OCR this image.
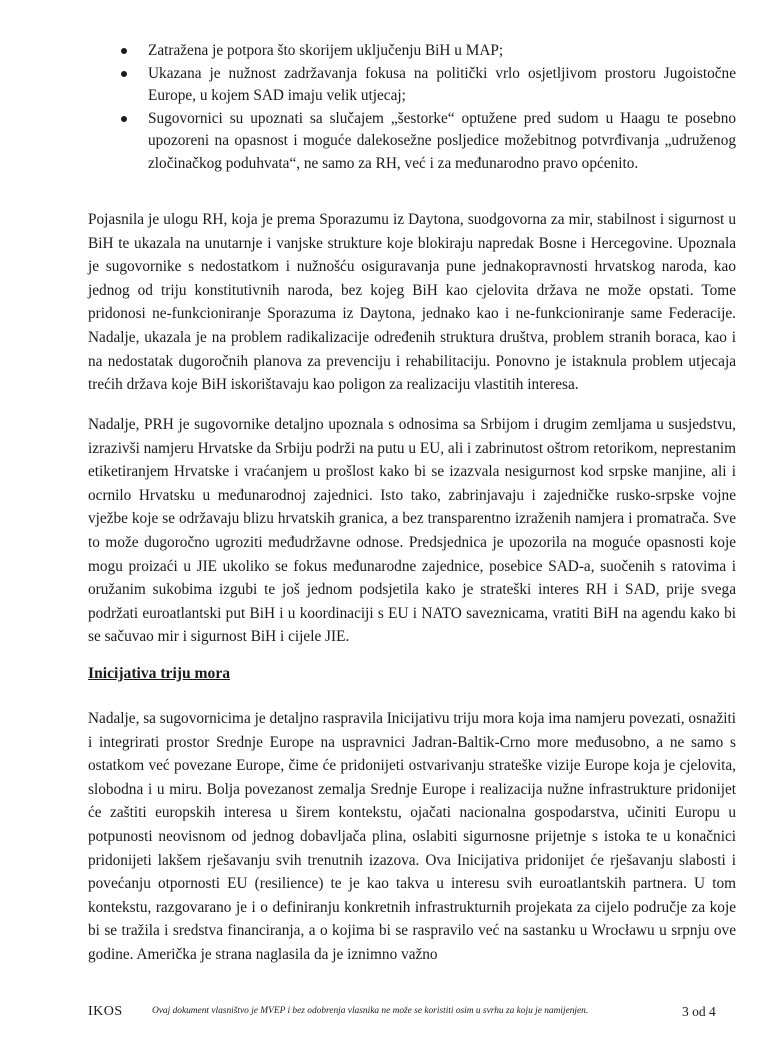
Zatražena je potpora što skorijem uključenju BiH u MAP;
Ukazana je nužnost zadržavanja fokusa na politički vrlo osjetljivom prostoru Jugoistočne Europe, u kojem SAD imaju velik utjecaj;
Sugovornici su upoznati sa slučajem „šestorke“ optužene pred sudom u Haagu te posebno upozoreni na opasnost i moguće dalekosežne posljedice možebitnog potvrđivanja „udruženog zločinačkog poduhvata“, ne samo za RH, već i za međunarodno pravo općenito.

Pojasnila je ulogu RH, koja je prema Sporazumu iz Daytona, suodgovorna za mir, stabilnost i sigurnost u BiH te ukazala na unutarnje i vanjske strukture koje blokiraju napredak Bosne i Hercegovine. Upoznala je sugovornike s nedostatkom i nužnošću osiguravanja pune jednakopravnosti hrvatskog naroda, kao jednog od triju konstitutivnih naroda, bez kojeg BiH kao cjelovita država ne može opstati. Tome pridonosi ne-funkcioniranje Sporazuma iz Daytona, jednako kao i ne-funkcioniranje same Federacije. Nadalje, ukazala je na problem radikalizacije određenih struktura društva, problem stranih boraca, kao i na nedostatak dugoročnih planova za prevenciju i rehabilitaciju. Ponovno je istaknula problem utjecaja trećih država koje BiH iskorištavaju kao poligon za realizaciju vlastitih interesa.

Nadalje, PRH je sugovornike detaljno upoznala s odnosima sa Srbijom i drugim zemljama u susjedstvu, izrazivši namjeru Hrvatske da Srbiju podrži na putu u EU, ali i zabrinutost oštrom retorikom, neprestanim etiketiranjem Hrvatske i vraćanjem u prošlost kako bi se izazvala nesigurnost kod srpske manjine, ali i ocrnilo Hrvatsku u međunarodnoj zajednici. Isto tako, zabrinjavaju i zajedničke rusko-srpske vojne vježbe koje se održavaju blizu hrvatskih granica, a bez transparentno izraženih namjera i promatrača. Sve to može dugoročno ugroziti međudržavne odnose. Predsjednica je upozorila na moguće opasnosti koje mogu proizaći u JIE ukoliko se fokus međunarodne zajednice, posebice SAD-a, suočenih s ratovima i oružanim sukobima izgubi te još jednom podsjetila kako je strateški interes RH i SAD, prije svega podržati euroatlantski put BiH i u koordinaciji s EU i NATO saveznicama, vratiti BiH na agendu kako bi se sačuvao mir i sigurnost BiH i cijele JIE.

Inicijativa triju mora

Nadalje, sa sugovornicima je detaljno raspravila Inicijativu triju mora koja ima namjeru povezati, osnažiti i integrirati prostor Srednje Europe na uspravnici Jadran-Baltik-Crno more međusobno, a ne samo s ostatkom već povezane Europe, čime će pridonijeti ostvarivanju strateške vizije Europe koja je cjelovita, slobodna i u miru. Bolja povezanost zemalja Srednje Europe i realizacija nužne infrastrukture pridonijet će zaštiti europskih interesa u širem kontekstu, ojačati nacionalna gospodarstva, učiniti Europu u potpunosti neovisnom od jednog dobavljača plina, oslabiti sigurnosne prijetnje s istoka te u konačnici pridonijeti lakšem rješavanju svih trenutnih izazova. Ova Inicijativa pridonijet će rješavanju slabosti i povećanju otpornosti EU (resilience) te je kao takva u interesu svih euroatlantskih partnera. U tom kontekstu, razgovarano je i o definiranju konkretnih infrastrukturnih projekata za cijelo područje za koje bi se tražila i sredstva financiranja, a o kojima bi se raspravilo već na sastanku u Wrocławu u srpnju ove godine. Američka je strana naglasila da je iznimno važno

IKOS	Ovaj dokument vlasništvo je MVEP i bez odobrenja vlasnika ne može se koristiti osim u svrhu za koju je namijenjen.	3 od 4
